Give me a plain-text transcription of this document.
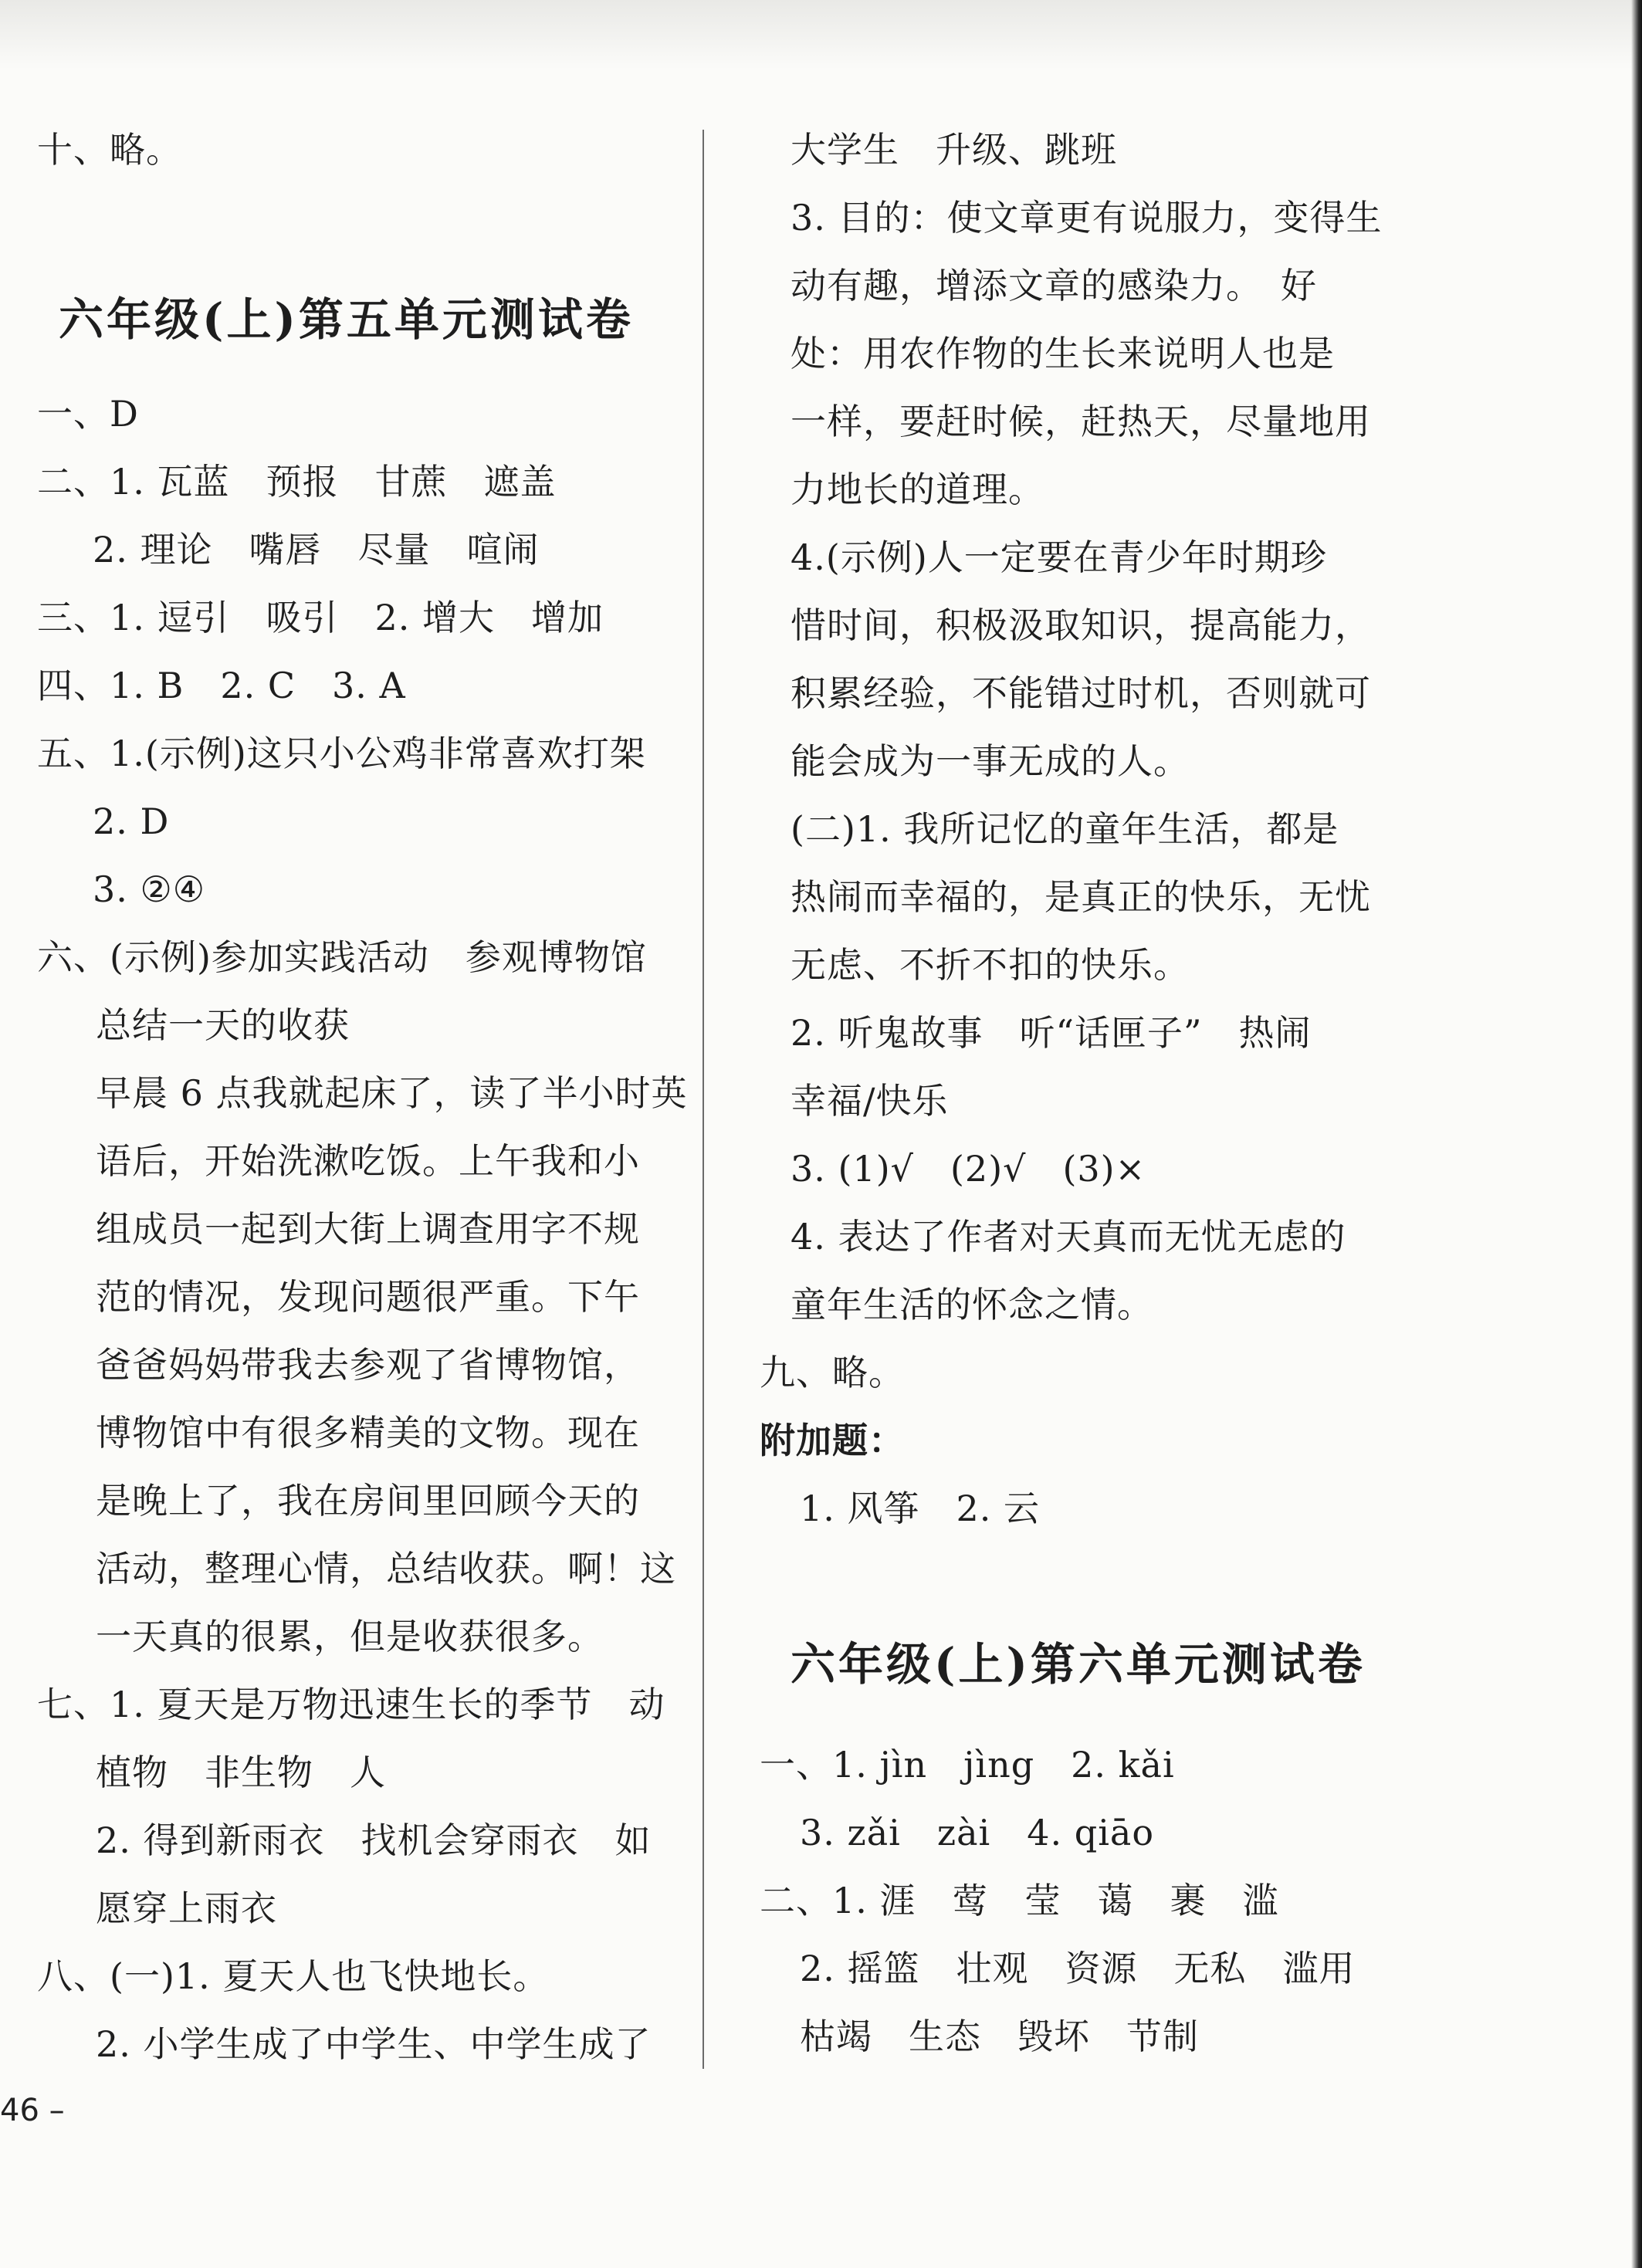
十、略。
六年级(上)第五单元测试卷
一、D
二、1. 瓦蓝　预报　甘蔗　遮盖
2. 理论　嘴唇　尽量　喧闹
三、1. 逗引　吸引　2. 增大　增加
四、1. B　2. C　3. A
五、1.(示例)这只小公鸡非常喜欢打架
2. D
3. ②④
六、(示例)参加实践活动　参观博物馆
总结一天的收获
早晨 6 点我就起床了，读了半小时英
语后，开始洗漱吃饭。上午我和小
组成员一起到大街上调查用字不规
范的情况，发现问题很严重。下午
爸爸妈妈带我去参观了省博物馆，
博物馆中有很多精美的文物。现在
是晚上了，我在房间里回顾今天的
活动，整理心情，总结收获。啊！这
一天真的很累，但是收获很多。
七、1. 夏天是万物迅速生长的季节　动
植物　非生物　人
2. 得到新雨衣　找机会穿雨衣　如
愿穿上雨衣
八、(一)1. 夏天人也飞快地长。
2. 小学生成了中学生、中学生成了
大学生　升级、跳班
3. 目的：使文章更有说服力，变得生
动有趣，增添文章的感染力。　好
处：用农作物的生长来说明人也是
一样，要赶时候，赶热天，尽量地用
力地长的道理。
4.(示例)人一定要在青少年时期珍
惜时间，积极汲取知识，提高能力，
积累经验，不能错过时机，否则就可
能会成为一事无成的人。
(二)1. 我所记忆的童年生活，都是
热闹而幸福的，是真正的快乐，无忧
无虑、不折不扣的快乐。
2. 听鬼故事　听“话匣子”　热闹
幸福/快乐
3. (1)√　(2)√　(3)×
4. 表达了作者对天真而无忧无虑的
童年生活的怀念之情。
九、略。
附加题：
1. 风筝　2. 云
六年级(上)第六单元测试卷
一、1. jìn　jìng　2. kǎi
3. zǎi　zài　4. qiāo
二、1. 涯　莺　莹　蔼　裹　滥
2. 摇篮　壮观　资源　无私　滥用
枯竭　生态　毁坏　节制
46 –
